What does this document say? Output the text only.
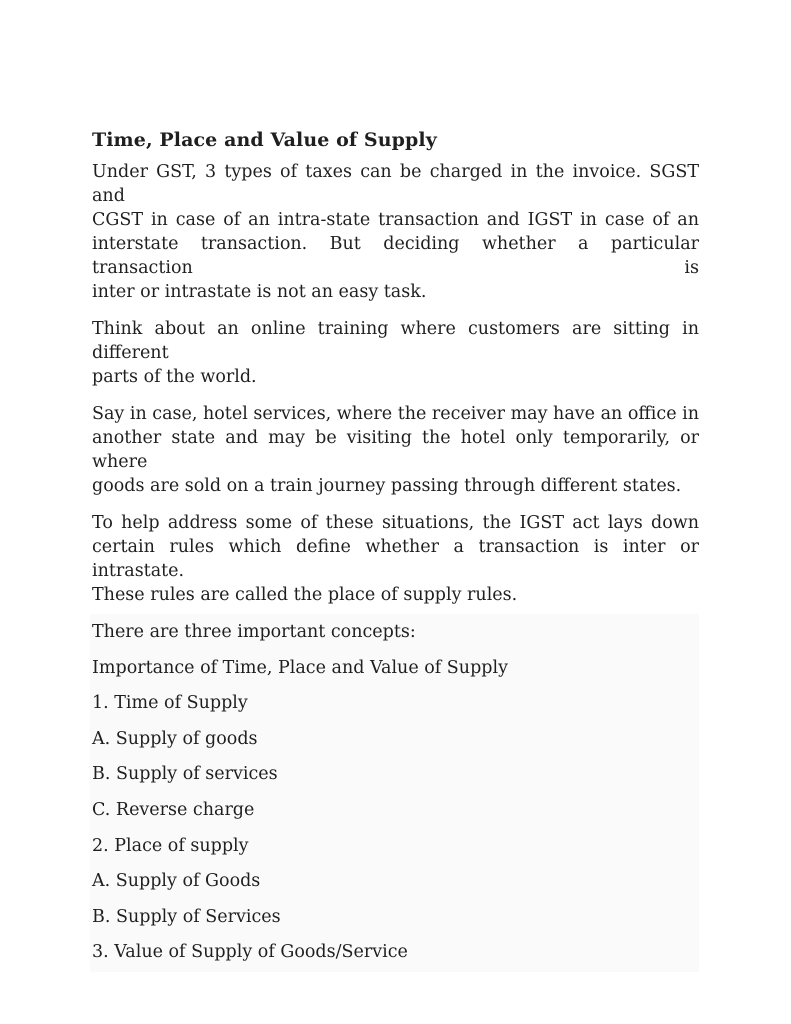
Time, Place and Value of Supply
Under GST, 3 types of taxes can be charged in the invoice. SGST and
CGST in case of an intra-state transaction and IGST in case of an
interstate transaction. But deciding whether a particular transaction is
inter or intrastate is not an easy task.
Think about an online training where customers are sitting in different
parts of the world.
Say in case, hotel services, where the receiver may have an office in
another state and may be visiting the hotel only temporarily, or where
goods are sold on a train journey passing through different states.
To help address some of these situations, the IGST act lays down
certain rules which define whether a transaction is inter or intrastate.
These rules are called the place of supply rules.
There are three important concepts:
Importance of Time, Place and Value of Supply
1. Time of Supply
A. Supply of goods
B. Supply of services
C. Reverse charge
2. Place of supply
A. Supply of Goods
B. Supply of Services
3. Value of Supply of Goods/Service
